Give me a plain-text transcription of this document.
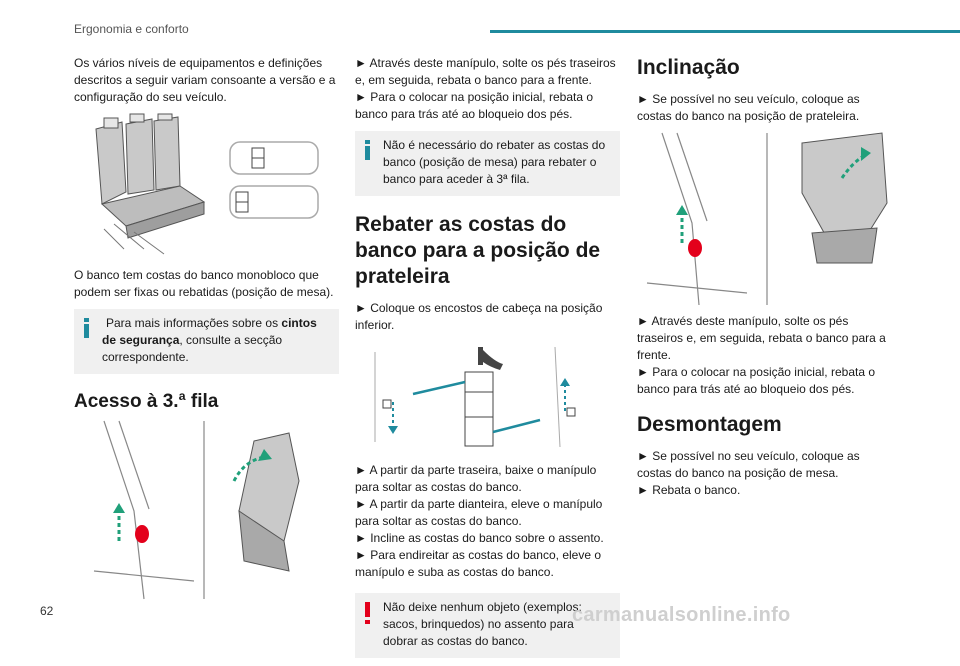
Ergonomia e conforto

Os vários níveis de equipamentos e definições descritos a seguir variam consoante a versão e a configuração do seu veículo.

O banco tem costas do banco monobloco que podem ser fixas ou rebatidas (posição de mesa).

Para mais informações sobre os cintos de segurança, consulte a secção correspondente.
Acesso à 3.ª fila

► Através deste manípulo, solte os pés traseiros e, em seguida, rebata o banco para a frente.

► Para o colocar na posição inicial, rebata o banco para trás até ao bloqueio dos pés.

Não é necessário do rebater as costas do banco (posição de mesa) para rebater o banco para aceder à 3ª fila.
Rebater as costas do banco para a posição de prateleira

► Coloque os encostos de cabeça na posição inferior.

► A partir da parte traseira, baixe o manípulo para soltar as costas do banco.

► A partir da parte dianteira, eleve o manípulo para soltar as costas do banco.

► Incline as costas do banco sobre o assento.

► Para endireitar as costas do banco, eleve o manípulo e suba as costas do banco.

Não deixe nenhum objeto (exemplos: sacos, brinquedos) no assento para dobrar as costas do banco.
Inclinação

► Se possível no seu veículo, coloque as costas do banco na posição de prateleira.

► Através deste manípulo, solte os pés traseiros e, em seguida, rebata o banco para a frente.

► Para o colocar na posição inicial, rebata o banco para trás até ao bloqueio dos pés.

Desmontagem

► Se possível no seu veículo, coloque as costas do banco na posição de mesa.

► Rebata o banco.

62	carmanualsonline.info
